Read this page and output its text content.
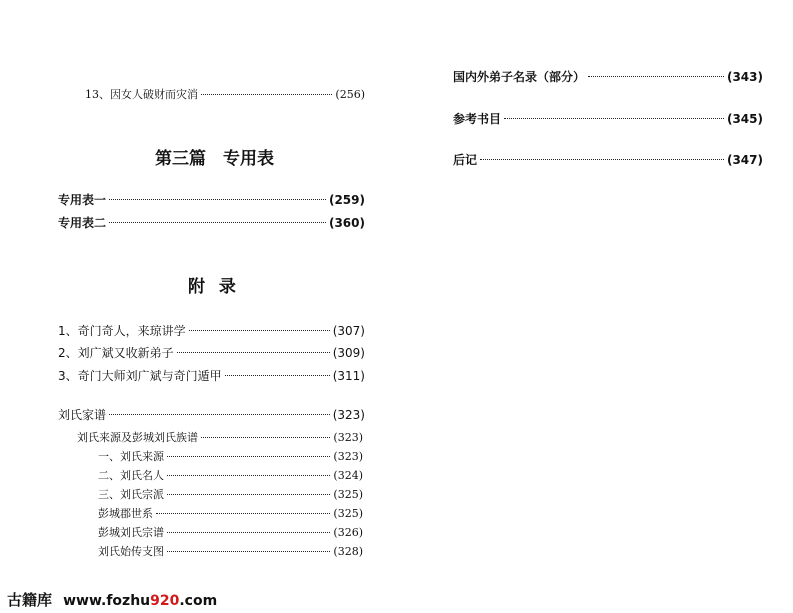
13、因女人破财而灾消	(256)
第三篇　专用表
专用表一	(259)
专用表二	(360)
附 录
1、奇门奇人，来琼讲学	(307)
2、刘广斌又收新弟子	(309)
3、奇门大师刘广斌与奇门遁甲	(311)
刘氏家谱	(323)
刘氏来源及彭城刘氏族谱	(323)
一、刘氏来源	(323)
二、刘氏名人	(324)
三、刘氏宗派	(325)
彭城郡世系	(325)
彭城刘氏宗谱	(326)
刘氏始传支图	(328)
国内外弟子名录（部分）	(343)
参考书目	(345)
后记	(347)
古籍库 www.fozhu920.com
